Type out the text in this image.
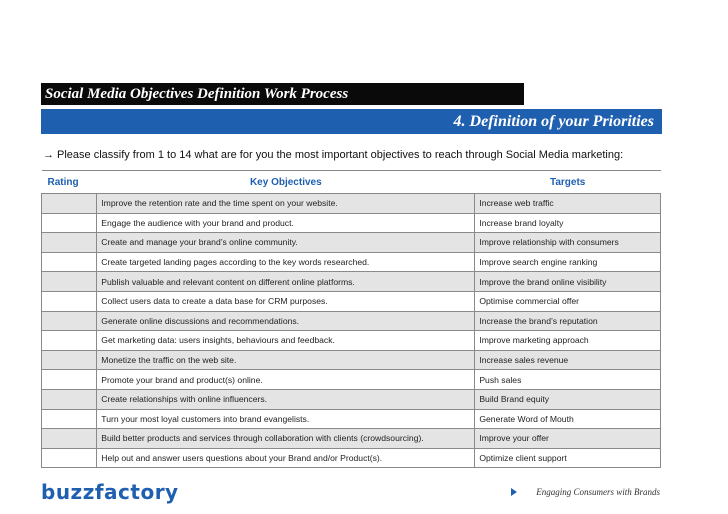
Social Media Objectives Definition Work Process
4. Definition of your Priorities
→ Please classify from 1 to 14 what are for you the most important objectives to reach through Social Media marketing:
Rating	Key Objectives	Targets
	Improve the retention rate and the time spent on your website.	Increase web traffic
	Engage the audience with your brand and product.	Increase brand loyalty
	Create and manage your brand’s online community.	Improve relationship with consumers
	Create targeted landing pages according to the key words researched.	Improve search engine ranking
	Publish valuable and relevant content on different online platforms.	Improve the brand online visibility
	Collect users data to create a data base for CRM purposes.	Optimise commercial offer
	Generate online discussions and recommendations.	Increase the brand’s reputation
	Get marketing data: users insights, behaviours and feedback.	Improve marketing approach
	Monetize the traffic on the web site.	Increase sales revenue
	Promote your brand and product(s) online.	Push sales
	Create relationships with online influencers.	Build Brand equity
	Turn your most loyal customers into brand evangelists.	Generate Word of Mouth
	Build better products and services through collaboration with clients (crowdsourcing).	Improve your offer
	Help out and answer users questions about your Brand and/or Product(s).	Optimize client support
buzzfactory	Engaging Consumers with Brands
